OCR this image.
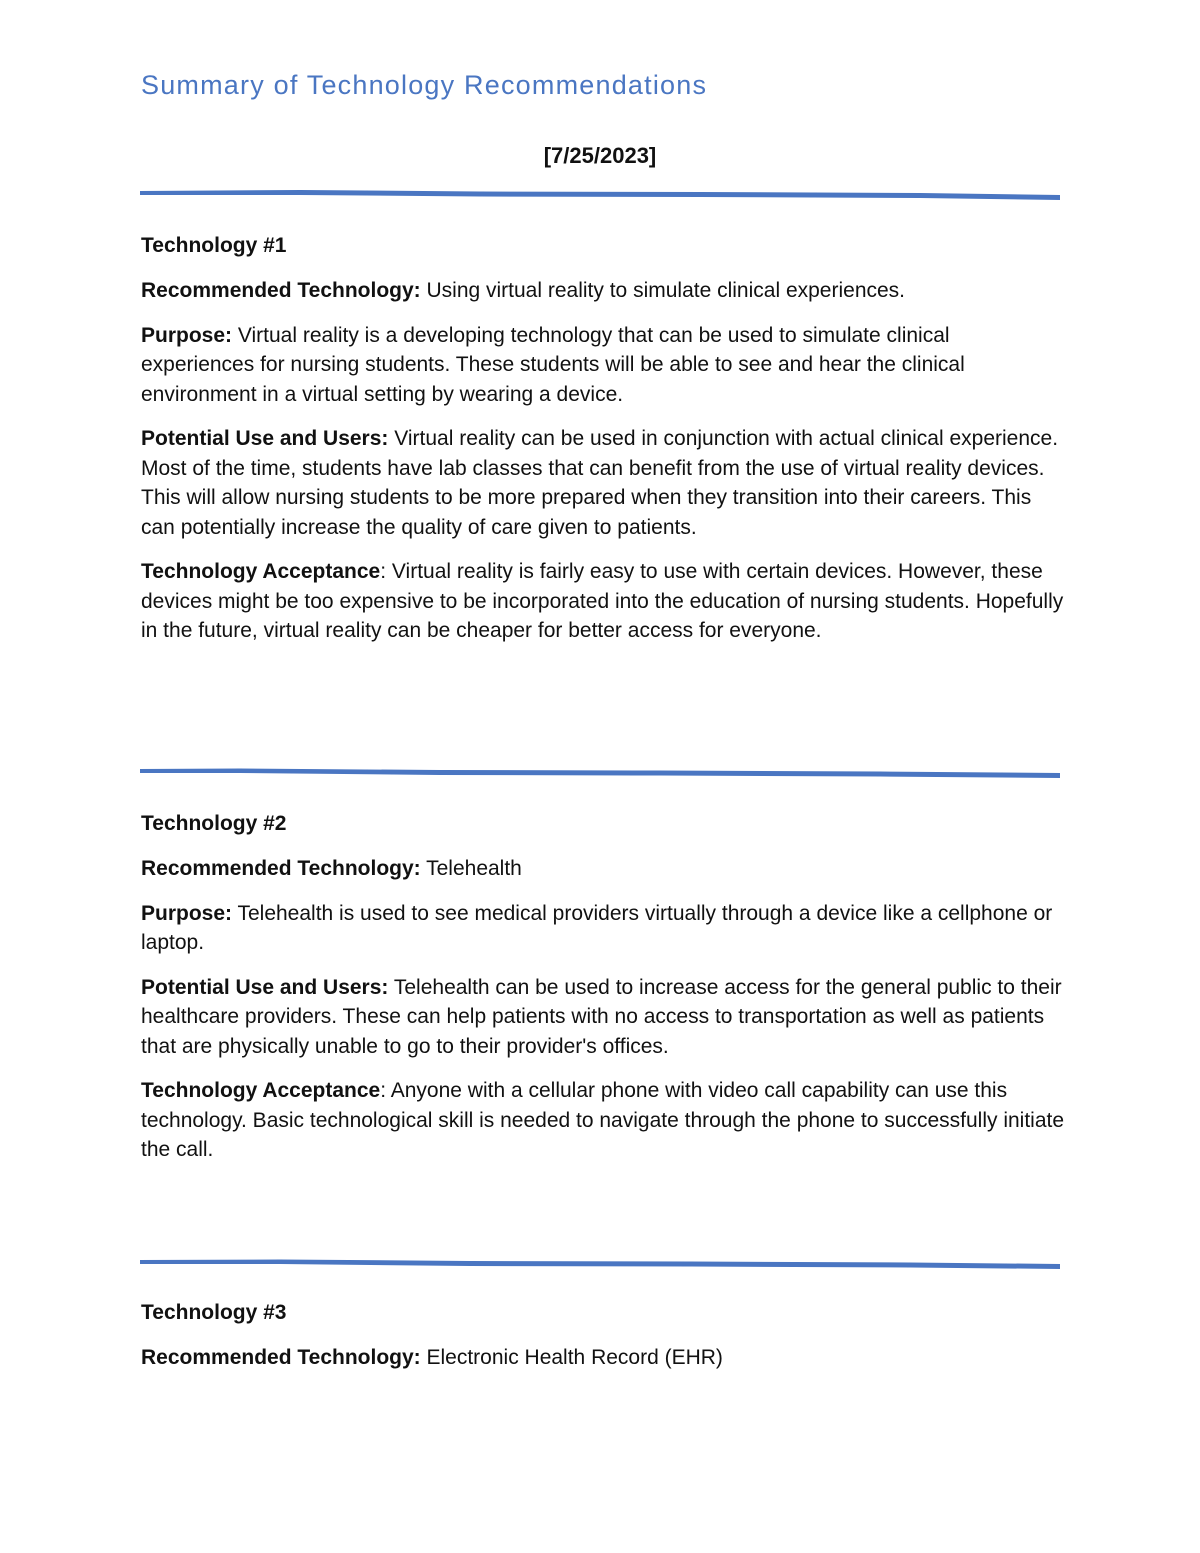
Summary of Technology Recommendations
[7/25/2023]
Technology #1

Recommended Technology: Using virtual reality to simulate clinical experiences.

Purpose: Virtual reality is a developing technology that can be used to simulate clinical experiences for nursing students. These students will be able to see and hear the clinical environment in a virtual setting by wearing a device.

Potential Use and Users: Virtual reality can be used in conjunction with actual clinical experience. Most of the time, students have lab classes that can benefit from the use of virtual reality devices. This will allow nursing students to be more prepared when they transition into their careers. This can potentially increase the quality of care given to patients.

Technology Acceptance: Virtual reality is fairly easy to use with certain devices. However, these devices might be too expensive to be incorporated into the education of nursing students. Hopefully in the future, virtual reality can be cheaper for better access for everyone.

Technology #2

Recommended Technology: Telehealth

Purpose: Telehealth is used to see medical providers virtually through a device like a cellphone or laptop.

Potential Use and Users: Telehealth can be used to increase access for the general public to their healthcare providers. These can help patients with no access to transportation as well as patients that are physically unable to go to their provider's offices.

Technology Acceptance: Anyone with a cellular phone with video call capability can use this technology. Basic technological skill is needed to navigate through the phone to successfully initiate the call.

Technology #3

Recommended Technology: Electronic Health Record (EHR)
